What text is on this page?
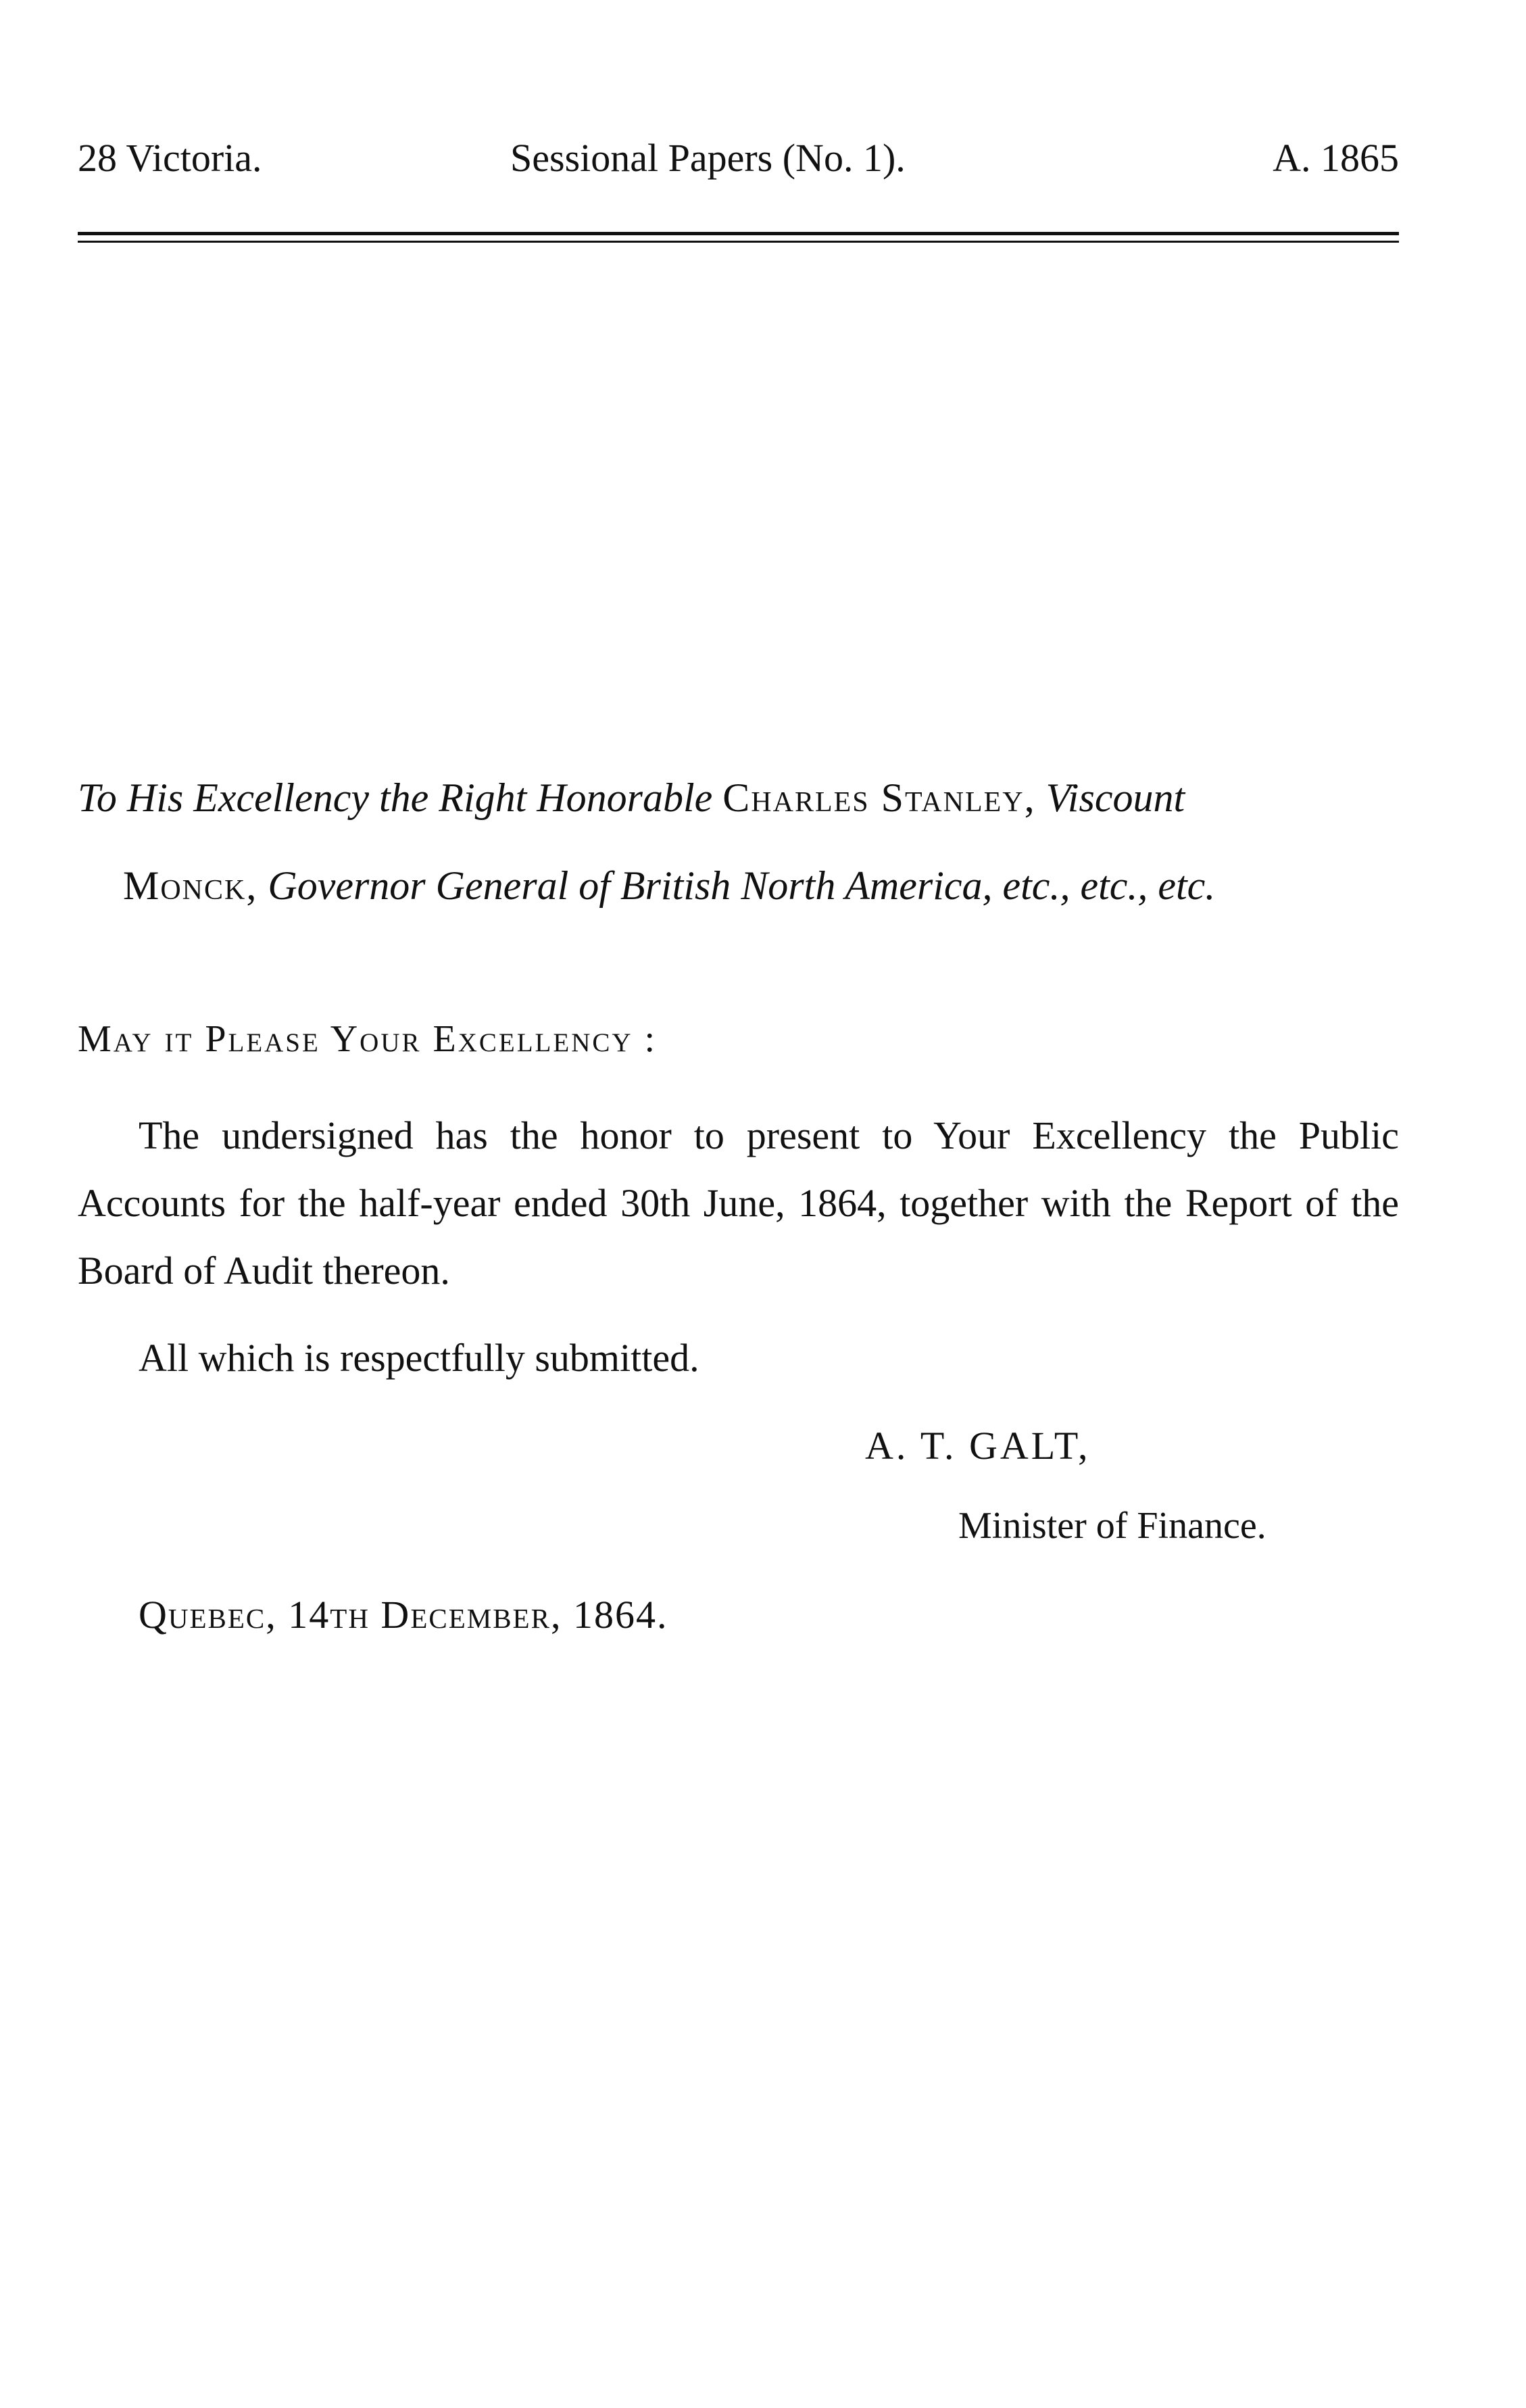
28 Victoria.	Sessional Papers (No. 1).	A. 1865
To His Excellency the Right Honorable Charles Stanley, Viscount
Monck, Governor General of British North America, etc., etc., etc.
May it Please Your Excellency :

The undersigned has the honor to present to Your Excellency the Public Accounts for the half-year ended 30th June, 1864, together with the Report of the Board of Audit thereon.

All which is respectfully submitted.
A. T. GALT,
Minister of Finance.
Quebec, 14th December, 1864.
